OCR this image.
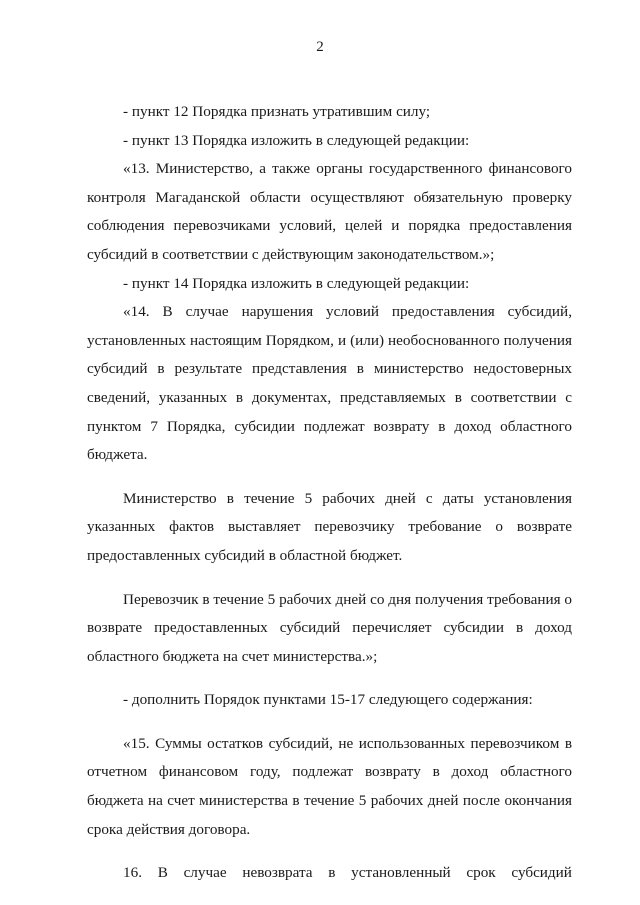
2

- пункт 12 Порядка признать утратившим силу;

- пункт 13 Порядка изложить в следующей редакции:

«13. Министерство, а также органы государственного финансового контроля Магаданской области осуществляют обязательную проверку соблюдения перевозчиками условий, целей и порядка предоставления субсидий в соответствии с действующим законодательством.»;

- пункт 14 Порядка изложить в следующей редакции:

«14. В случае нарушения условий предоставления субсидий, установленных настоящим Порядком, и (или) необоснованного получения субсидий в результате представления в министерство недостоверных сведений, указанных в документах, представляемых в соответствии с пунктом 7 Порядка, субсидии подлежат возврату в доход областного бюджета.

Министерство в течение 5 рабочих дней с даты установления указанных фактов выставляет перевозчику требование о возврате предоставленных субсидий в областной бюджет.

Перевозчик в течение 5 рабочих дней со дня получения требования о возврате предоставленных субсидий перечисляет субсидии в доход областного бюджета на счет министерства.»;

- дополнить Порядок пунктами 15-17 следующего содержания:

«15. Суммы остатков субсидий, не использованных перевозчиком в отчетном финансовом году, подлежат возврату в доход областного бюджета на счет министерства в течение 5 рабочих дней после окончания срока действия договора.

16. В случае невозврата в установленный срок субсидий
